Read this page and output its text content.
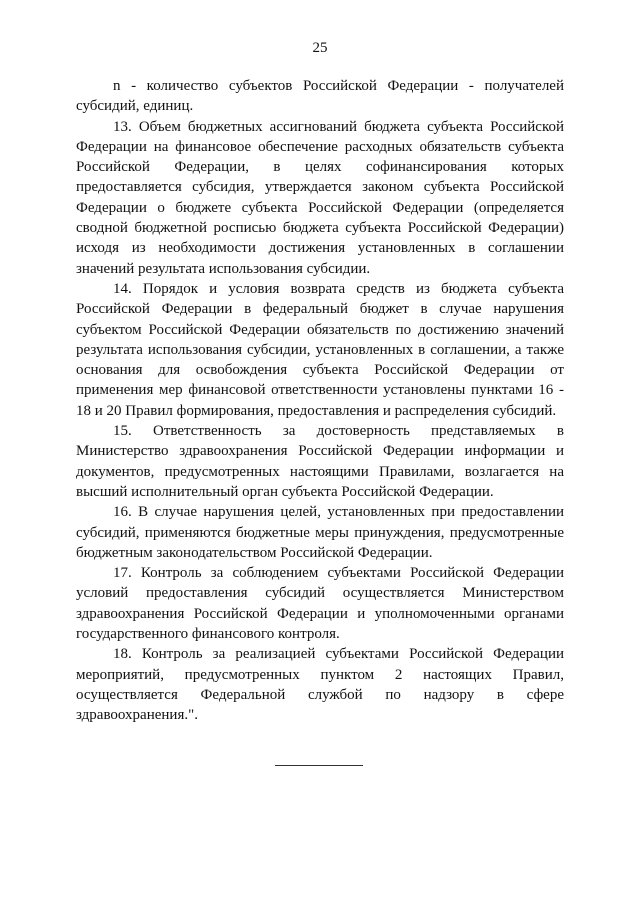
25

n - количество субъектов Российской Федерации - получателей субсидий, единиц.

13. Объем бюджетных ассигнований бюджета субъекта Российской Федерации на финансовое обеспечение расходных обязательств субъекта Российской Федерации, в целях софинансирования которых предоставляется субсидия, утверждается законом субъекта Российской Федерации о бюджете субъекта Российской Федерации (определяется сводной бюджетной росписью бюджета субъекта Российской Федерации) исходя из необходимости достижения установленных в соглашении значений результата использования субсидии.

14. Порядок и условия возврата средств из бюджета субъекта Российской Федерации в федеральный бюджет в случае нарушения субъектом Российской Федерации обязательств по достижению значений результата использования субсидии, установленных в соглашении, а также основания для освобождения субъекта Российской Федерации от применения мер финансовой ответственности установлены пунктами 16 - 18 и 20 Правил формирования, предоставления и распределения субсидий.

15. Ответственность за достоверность представляемых в Министерство здравоохранения Российской Федерации информации и документов, предусмотренных настоящими Правилами, возлагается на высший исполнительный орган субъекта Российской Федерации.

16. В случае нарушения целей, установленных при предоставлении субсидий, применяются бюджетные меры принуждения, предусмотренные бюджетным законодательством Российской Федерации.

17. Контроль за соблюдением субъектами Российской Федерации условий предоставления субсидий осуществляется Министерством здравоохранения Российской Федерации и уполномоченными органами государственного финансового контроля.

18. Контроль за реализацией субъектами Российской Федерации мероприятий, предусмотренных пунктом 2 настоящих Правил, осуществляется Федеральной службой по надзору в сфере здравоохранения.".
